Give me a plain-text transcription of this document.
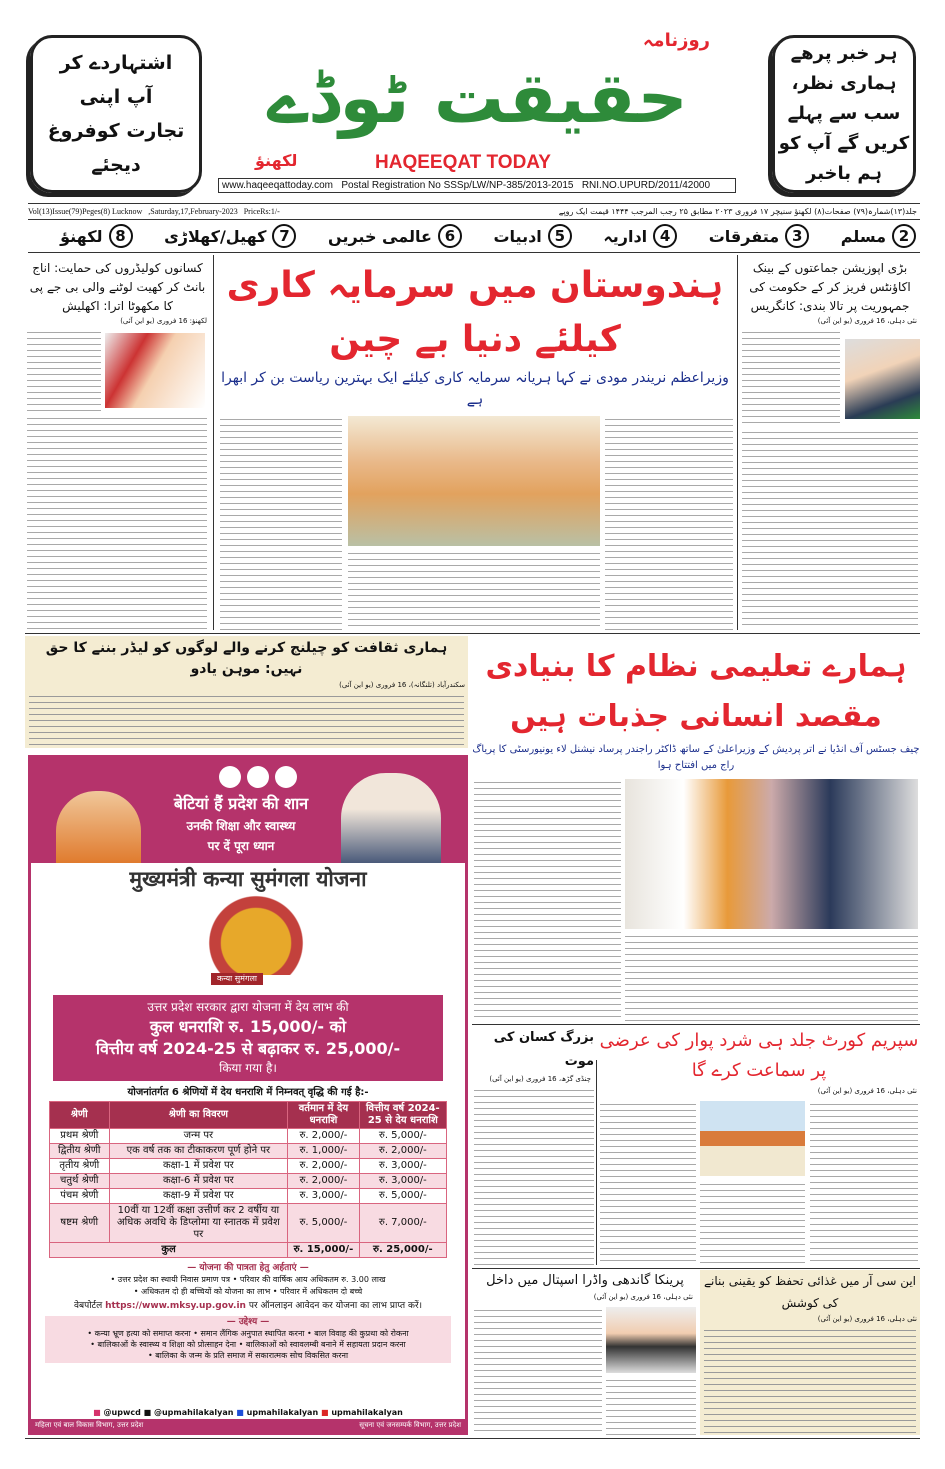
اشتہاردے کر
آپ اپنی
تجارت کوفروغ
دیجئے
روزنامہ
حقیقت ٹوڈے
لکھنؤ	HAQEEQAT TODAY
www.haqeeqattoday.com   Postal Registration No SSSp/LW/NP-385/2013-2015   RNI.NO.UPURD/2011/42000
ہر خبر پرھے
ہماری نظر،
سب سے پہلے
کریں گے آپ کو
ہم باخبر
Vol(13)Issue(79)Peges(8) Lucknow   ,Saturday,17,February-2023   PriceRs:1/-	جلد(۱۳)شمارہ(۷۹) صفحات(۸) لکھنؤ سنیچر ۱۷ فروری ۲۰۲۳ مطابق ۲۵ رجب المرجب ۱۴۴۴ قیمت ایک روپے
2
مسلم
3
متفرقات
4
اداریہ
5
ادبیات
6
عالمی خبریں
7
کھیل/کھلاڑی
8
لکھنؤ
کسانوں کولیڈروں کی حمایت: اناج بانٹ کر کھیت لوٹنے والی بی جے پی کا مکھوٹا اترا: اکھلیش
لکھنؤ: 16 فروری (یو این آئی)
ہندوستان میں سرمایہ کاری کیلئے دنیا بے چین
وزیراعظم نریندر مودی نے کہا ہریانہ سرمایہ کاری کیلئے ایک بہترین ریاست بن کر ابھرا ہے
بڑی اپوزیشن جماعتوں کے بینک اکاؤنٹس فریز کر کے حکومت کی جمہوریت پر تالا بندی: کانگریس
نئی دہلی، 16 فروری (یو این آئی)
ہماری ثقافت کو چیلنج کرنے والے لوگوں کو لیڈر بننے کا حق نہیں: موہن یادو
سکندرآباد (تلنگانہ)، 16 فروری (یو این آئی)
ہمارے تعلیمی نظام کا بنیادی مقصد انسانی جذبات ہیں
چیف جسٹس آف انڈیا نے اتر پردیش کے وزیراعلیٰ کے ساتھ ڈاکٹر راجندر پرساد نیشنل لاء یونیورسٹی کا پریاگ راج میں افتتاح ہوا
बेटियां हैं प्रदेश की शान
उनकी शिक्षा और स्वास्थ्य
पर दें पूरा ध्यान
मुख्यमंत्री कन्या सुमंगला योजना
कन्या सुमंगला
उत्तर प्रदेश सरकार द्वारा योजना में देय लाभ की
कुल धनराशि रु. 15,000/- को
वित्तीय वर्ष 2024-25 से बढ़ाकर रु. 25,000/-
किया गया है।
योजनांतर्गत 6 श्रेणियों में देय धनराशि में निम्नवत् वृद्धि की गई है:-
श्रेणी	श्रेणी का विवरण	वर्तमान में देय धनराशि	वित्तीय वर्ष 2024-25 से देय धनराशि
प्रथम श्रेणी	जन्म पर	रु. 2,000/-	रु. 5,000/-
द्वितीय श्रेणी	एक वर्ष तक का टीकाकरण पूर्ण होने पर	रु. 1,000/-	रु. 2,000/-
तृतीय श्रेणी	कक्षा-1 में प्रवेश पर	रु. 2,000/-	रु. 3,000/-
चतुर्थ श्रेणी	कक्षा-6 में प्रवेश पर	रु. 2,000/-	रु. 3,000/-
पंचम श्रेणी	कक्षा-9 में प्रवेश पर	रु. 3,000/-	रु. 5,000/-
षष्टम श्रेणी	10वीं या 12वीं कक्षा उत्तीर्ण कर 2 वर्षीय या अधिक अवधि के डिप्लोमा या स्नातक में प्रवेश पर	रु. 5,000/-	रु. 7,000/-
कुल		रु. 15,000/-	रु. 25,000/-
— योजना की पात्रता हेतु अर्हताएं —
• उत्तर प्रदेश का स्थायी निवास प्रमाण पत्र • परिवार की वार्षिक आय अधिकतम रु. 3.00 लाख
• अधिकतम दो ही बच्चियों को योजना का लाभ • परिवार में अधिकतम दो बच्चे
वेबपोर्टल https://www.mksy.up.gov.in पर ऑनलाइन आवेदन कर योजना का लाभ प्राप्त करें।
— उद्देश्य —
• कन्या भ्रूण हत्या को समाप्त करना • समान लैंगिक अनुपात स्थापित करना • बाल विवाह की कुप्रथा को रोकना
• बालिकाओं के स्वास्थ्य व शिक्षा को प्रोत्साहन देना • बालिकाओं को स्वावलम्बी बनाने में सहायता प्रदान करना
• बालिका के जन्म के प्रति समाज में सकारात्मक सोच विकसित करना
■ @upwcd ■ @upmahilakalyan ■ upmahilakalyan ■ upmahilakalyan
महिला एवं बाल विकास विभाग, उत्तर प्रदेश	सूचना एवं जनसम्पर्क विभाग, उत्तर प्रदेश
سپریم کورٹ جلد ہی شرد پوار کی عرضی پر سماعت کرے گا
نئی دہلی، 16 فروری (یو این آئی)
بزرگ کسان کی موت
چنڈی گڑھ، 16 فروری (یو این آئی)
پرینکا گاندھی واڈرا اسپتال میں داخل
نئی دہلی، 16 فروری (یو این آئی)
این سی آر میں غذائی تحفظ کو یقینی بنانے کی کوشش
نئی دہلی، 16 فروری (یو این آئی)
